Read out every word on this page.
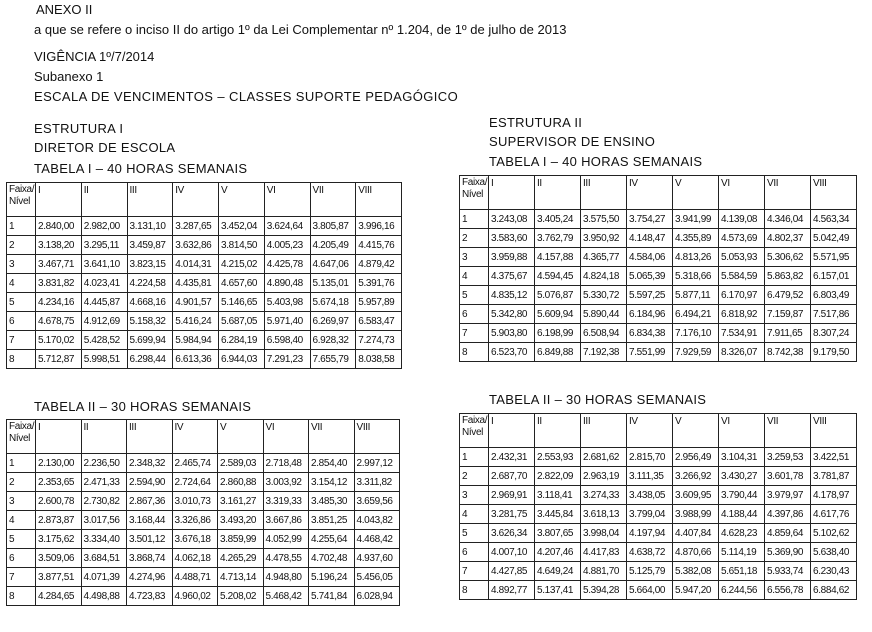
ANEXO II
a que se refere o inciso II do artigo 1º da Lei Complementar nº 1.204, de 1º de julho de 2013
VIGÊNCIA 1º/7/2014
Subanexo 1
ESCALA DE VENCIMENTOS – CLASSES SUPORTE PEDAGÓGICO
ESTRUTURA I
DIRETOR DE ESCOLA
TABELA I – 40 HORAS SEMANAIS
Faixa/
Nível	I	II	III	IV	V	VI	VII	VIII
1	2.840,00	2.982,00	3.131,10	3.287,65	3.452,04	3.624,64	3.805,87	3.996,16
2	3.138,20	3.295,11	3.459,87	3.632,86	3.814,50	4.005,23	4.205,49	4.415,76
3	3.467,71	3.641,10	3.823,15	4.014,31	4.215,02	4.425,78	4.647,06	4.879,42
4	3.831,82	4.023,41	4.224,58	4.435,81	4.657,60	4.890,48	5.135,01	5.391,76
5	4.234,16	4.445,87	4.668,16	4.901,57	5.146,65	5.403,98	5.674,18	5.957,89
6	4.678,75	4.912,69	5.158,32	5.416,24	5.687,05	5.971,40	6.269,97	6.583,47
7	5.170,02	5.428,52	5.699,94	5.984,94	6.284,19	6.598,40	6.928,32	7.274,73
8	5.712,87	5.998,51	6.298,44	6.613,36	6.944,03	7.291,23	7.655,79	8.038,58
TABELA II – 30 HORAS SEMANAIS
Faixa/
Nível	I	II	III	IV	V	VI	VII	VIII
1	2.130,00	2.236,50	2.348,32	2.465,74	2.589,03	2.718,48	2.854,40	2.997,12
2	2.353,65	2.471,33	2.594,90	2.724,64	2.860,88	3.003,92	3.154,12	3.311,82
3	2.600,78	2.730,82	2.867,36	3.010,73	3.161,27	3.319,33	3.485,30	3.659,56
4	2.873,87	3.017,56	3.168,44	3.326,86	3.493,20	3.667,86	3.851,25	4.043,82
5	3.175,62	3.334,40	3.501,12	3.676,18	3.859,99	4.052,99	4.255,64	4.468,42
6	3.509,06	3.684,51	3.868,74	4.062,18	4.265,29	4.478,55	4.702,48	4.937,60
7	3.877,51	4.071,39	4.274,96	4.488,71	4.713,14	4.948,80	5.196,24	5.456,05
8	4.284,65	4.498,88	4.723,83	4.960,02	5.208,02	5.468,42	5.741,84	6.028,94
ESTRUTURA II
SUPERVISOR DE ENSINO
TABELA I – 40 HORAS SEMANAIS
Faixa/
Nível	I	II	III	IV	V	VI	VII	VIII
1	3.243,08	3.405,24	3.575,50	3.754,27	3.941,99	4.139,08	4.346,04	4.563,34
2	3.583,60	3.762,79	3.950,92	4.148,47	4.355,89	4.573,69	4.802,37	5.042,49
3	3.959,88	4.157,88	4.365,77	4.584,06	4.813,26	5.053,93	5.306,62	5.571,95
4	4.375,67	4.594,45	4.824,18	5.065,39	5.318,66	5.584,59	5.863,82	6.157,01
5	4.835,12	5.076,87	5.330,72	5.597,25	5.877,11	6.170,97	6.479,52	6.803,49
6	5.342,80	5.609,94	5.890,44	6.184,96	6.494,21	6.818,92	7.159,87	7.517,86
7	5.903,80	6.198,99	6.508,94	6.834,38	7.176,10	7.534,91	7.911,65	8.307,24
8	6.523,70	6.849,88	7.192,38	7.551,99	7.929,59	8.326,07	8.742,38	9.179,50
TABELA II – 30 HORAS SEMANAIS
Faixa/
Nível	I	II	III	IV	V	VI	VII	VIII
1	2.432,31	2.553,93	2.681,62	2.815,70	2.956,49	3.104,31	3.259,53	3.422,51
2	2.687,70	2.822,09	2.963,19	3.111,35	3.266,92	3.430,27	3.601,78	3.781,87
3	2.969,91	3.118,41	3.274,33	3.438,05	3.609,95	3.790,44	3.979,97	4.178,97
4	3.281,75	3.445,84	3.618,13	3.799,04	3.988,99	4.188,44	4.397,86	4.617,76
5	3.626,34	3.807,65	3.998,04	4.197,94	4.407,84	4.628,23	4.859,64	5.102,62
6	4.007,10	4.207,46	4.417,83	4.638,72	4.870,66	5.114,19	5.369,90	5.638,40
7	4.427,85	4.649,24	4.881,70	5.125,79	5.382,08	5.651,18	5.933,74	6.230,43
8	4.892,77	5.137,41	5.394,28	5.664,00	5.947,20	6.244,56	6.556,78	6.884,62
